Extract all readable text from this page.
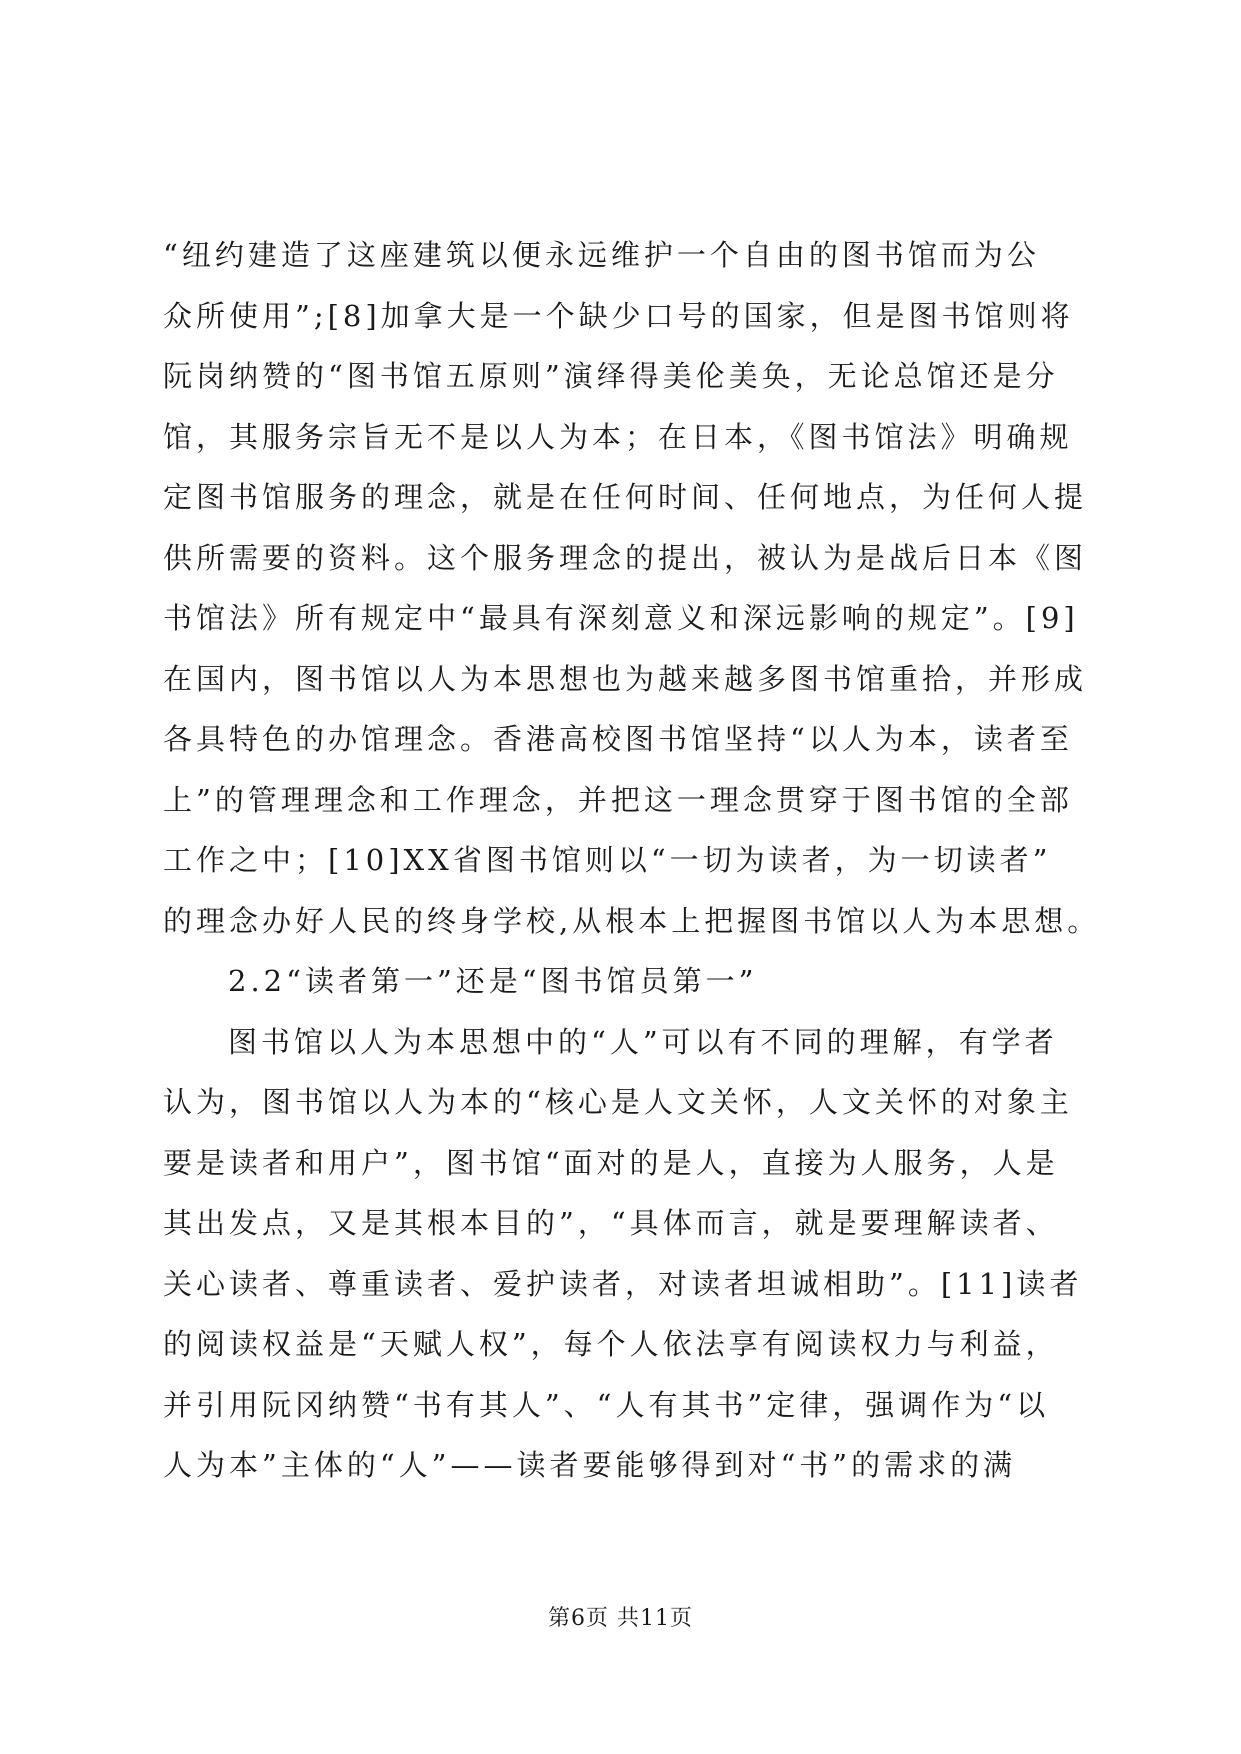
“纽约建造了这座建筑以便永远维护一个自由的图书馆而为公
众所使用”;[8]加拿大是一个缺少口号的国家，但是图书馆则将
阮岗纳赞的“图书馆五原则”演绎得美伦美奂，无论总馆还是分
馆，其服务宗旨无不是以人为本；在日本，《图书馆法》明确规
定图书馆服务的理念，就是在任何时间、任何地点，为任何人提
供所需要的资料。这个服务理念的提出，被认为是战后日本《图
书馆法》所有规定中“最具有深刻意义和深远影响的规定”。[9]
在国内，图书馆以人为本思想也为越来越多图书馆重拾，并形成
各具特色的办馆理念。香港高校图书馆坚持“以人为本，读者至
上”的管理理念和工作理念，并把这一理念贯穿于图书馆的全部
工作之中；[10]XX省图书馆则以“一切为读者，为一切读者”
的理念办好人民的终身学校,从根本上把握图书馆以人为本思想。
2.2“读者第一”还是“图书馆员第一”
图书馆以人为本思想中的“人”可以有不同的理解，有学者
认为，图书馆以人为本的“核心是人文关怀，人文关怀的对象主
要是读者和用户”，图书馆“面对的是人，直接为人服务，人是
其出发点，又是其根本目的”，“具体而言，就是要理解读者、
关心读者、尊重读者、爱护读者，对读者坦诚相助”。[11]读者
的阅读权益是“天赋人权”，每个人依法享有阅读权力与利益，
并引用阮冈纳赞“书有其人”、“人有其书”定律，强调作为“以
人为本”主体的“人”——读者要能够得到对“书”的需求的满
第6页 共11页
